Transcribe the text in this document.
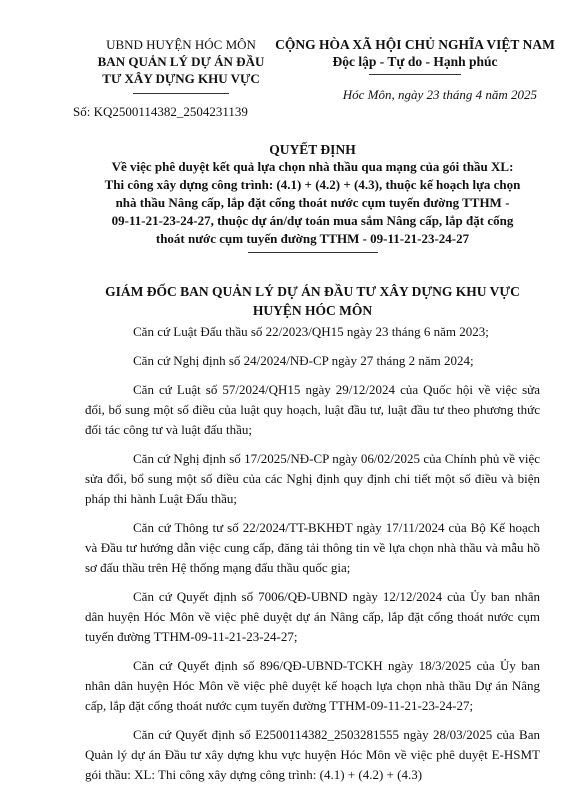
UBND HUYỆN HÓC MÔN
BAN QUẢN LÝ DỰ ÁN ĐẦU
TƯ XÂY DỰNG KHU VỰC
CỘNG HÒA XÃ HỘI CHỦ NGHĨA VIỆT NAM
Độc lập - Tự do - Hạnh phúc
Hóc Môn, ngày 23 tháng 4 năm 2025
Số: KQ2500114382_2504231139
QUYẾT ĐỊNH
Về việc phê duyệt kết quả lựa chọn nhà thầu qua mạng của gói thầu XL:
Thi công xây dựng công trình: (4.1) + (4.2) + (4.3), thuộc kế hoạch lựa chọn
nhà thầu Nâng cấp, lắp đặt cống thoát nước cụm tuyến đường TTHM -
09-11-21-23-24-27, thuộc dự án/dự toán mua sắm Nâng cấp, lắp đặt cống
thoát nước cụm tuyến đường TTHM - 09-11-21-23-24-27
GIÁM ĐỐC BAN QUẢN LÝ DỰ ÁN ĐẦU TƯ XÂY DỰNG KHU VỰC
HUYỆN HÓC MÔN

Căn cứ Luật Đấu thầu số 22/2023/QH15 ngày 23 tháng 6 năm 2023;

Căn cứ Nghị định số 24/2024/NĐ-CP ngày 27 tháng 2 năm 2024;

Căn cứ Luật số 57/2024/QH15 ngày 29/12/2024 của Quốc hội về việc sửa đổi, bổ sung một số điều của luật quy hoạch, luật đầu tư, luật đầu tư theo phương thức đối tác công tư và luật đấu thầu;

Căn cứ Nghị định số 17/2025/NĐ-CP ngày 06/02/2025 của Chính phủ về việc sửa đổi, bổ sung một số điều của các Nghị định quy định chi tiết một số điều và biện pháp thi hành Luật Đấu thầu;

Căn cứ Thông tư số 22/2024/TT-BKHĐT ngày 17/11/2024 của Bộ Kế hoạch và Đầu tư hướng dẫn việc cung cấp, đăng tải thông tin về lựa chọn nhà thầu và mẫu hồ sơ đấu thầu trên Hệ thống mạng đấu thầu quốc gia;

Căn cứ Quyết định số 7006/QĐ-UBND ngày 12/12/2024 của Ủy ban nhân dân huyện Hóc Môn về việc phê duyệt dự án Nâng cấp, lắp đặt cống thoát nước cụm tuyến đường TTHM-09-11-21-23-24-27;

Căn cứ Quyết định số 896/QĐ-UBND-TCKH ngày 18/3/2025 của Ủy ban nhân dân huyện Hóc Môn về việc phê duyệt kế hoạch lựa chọn nhà thầu Dự án Nâng cấp, lắp đặt cống thoát nước cụm tuyến đường TTHM-09-11-21-23-24-27;

Căn cứ Quyết định số E2500114382_2503281555 ngày 28/03/2025 của Ban Quản lý dự án Đầu tư xây dựng khu vực huyện Hóc Môn về việc phê duyệt E-HSMT gói thầu: XL: Thi công xây dựng công trình: (4.1) + (4.2) + (4.3)
